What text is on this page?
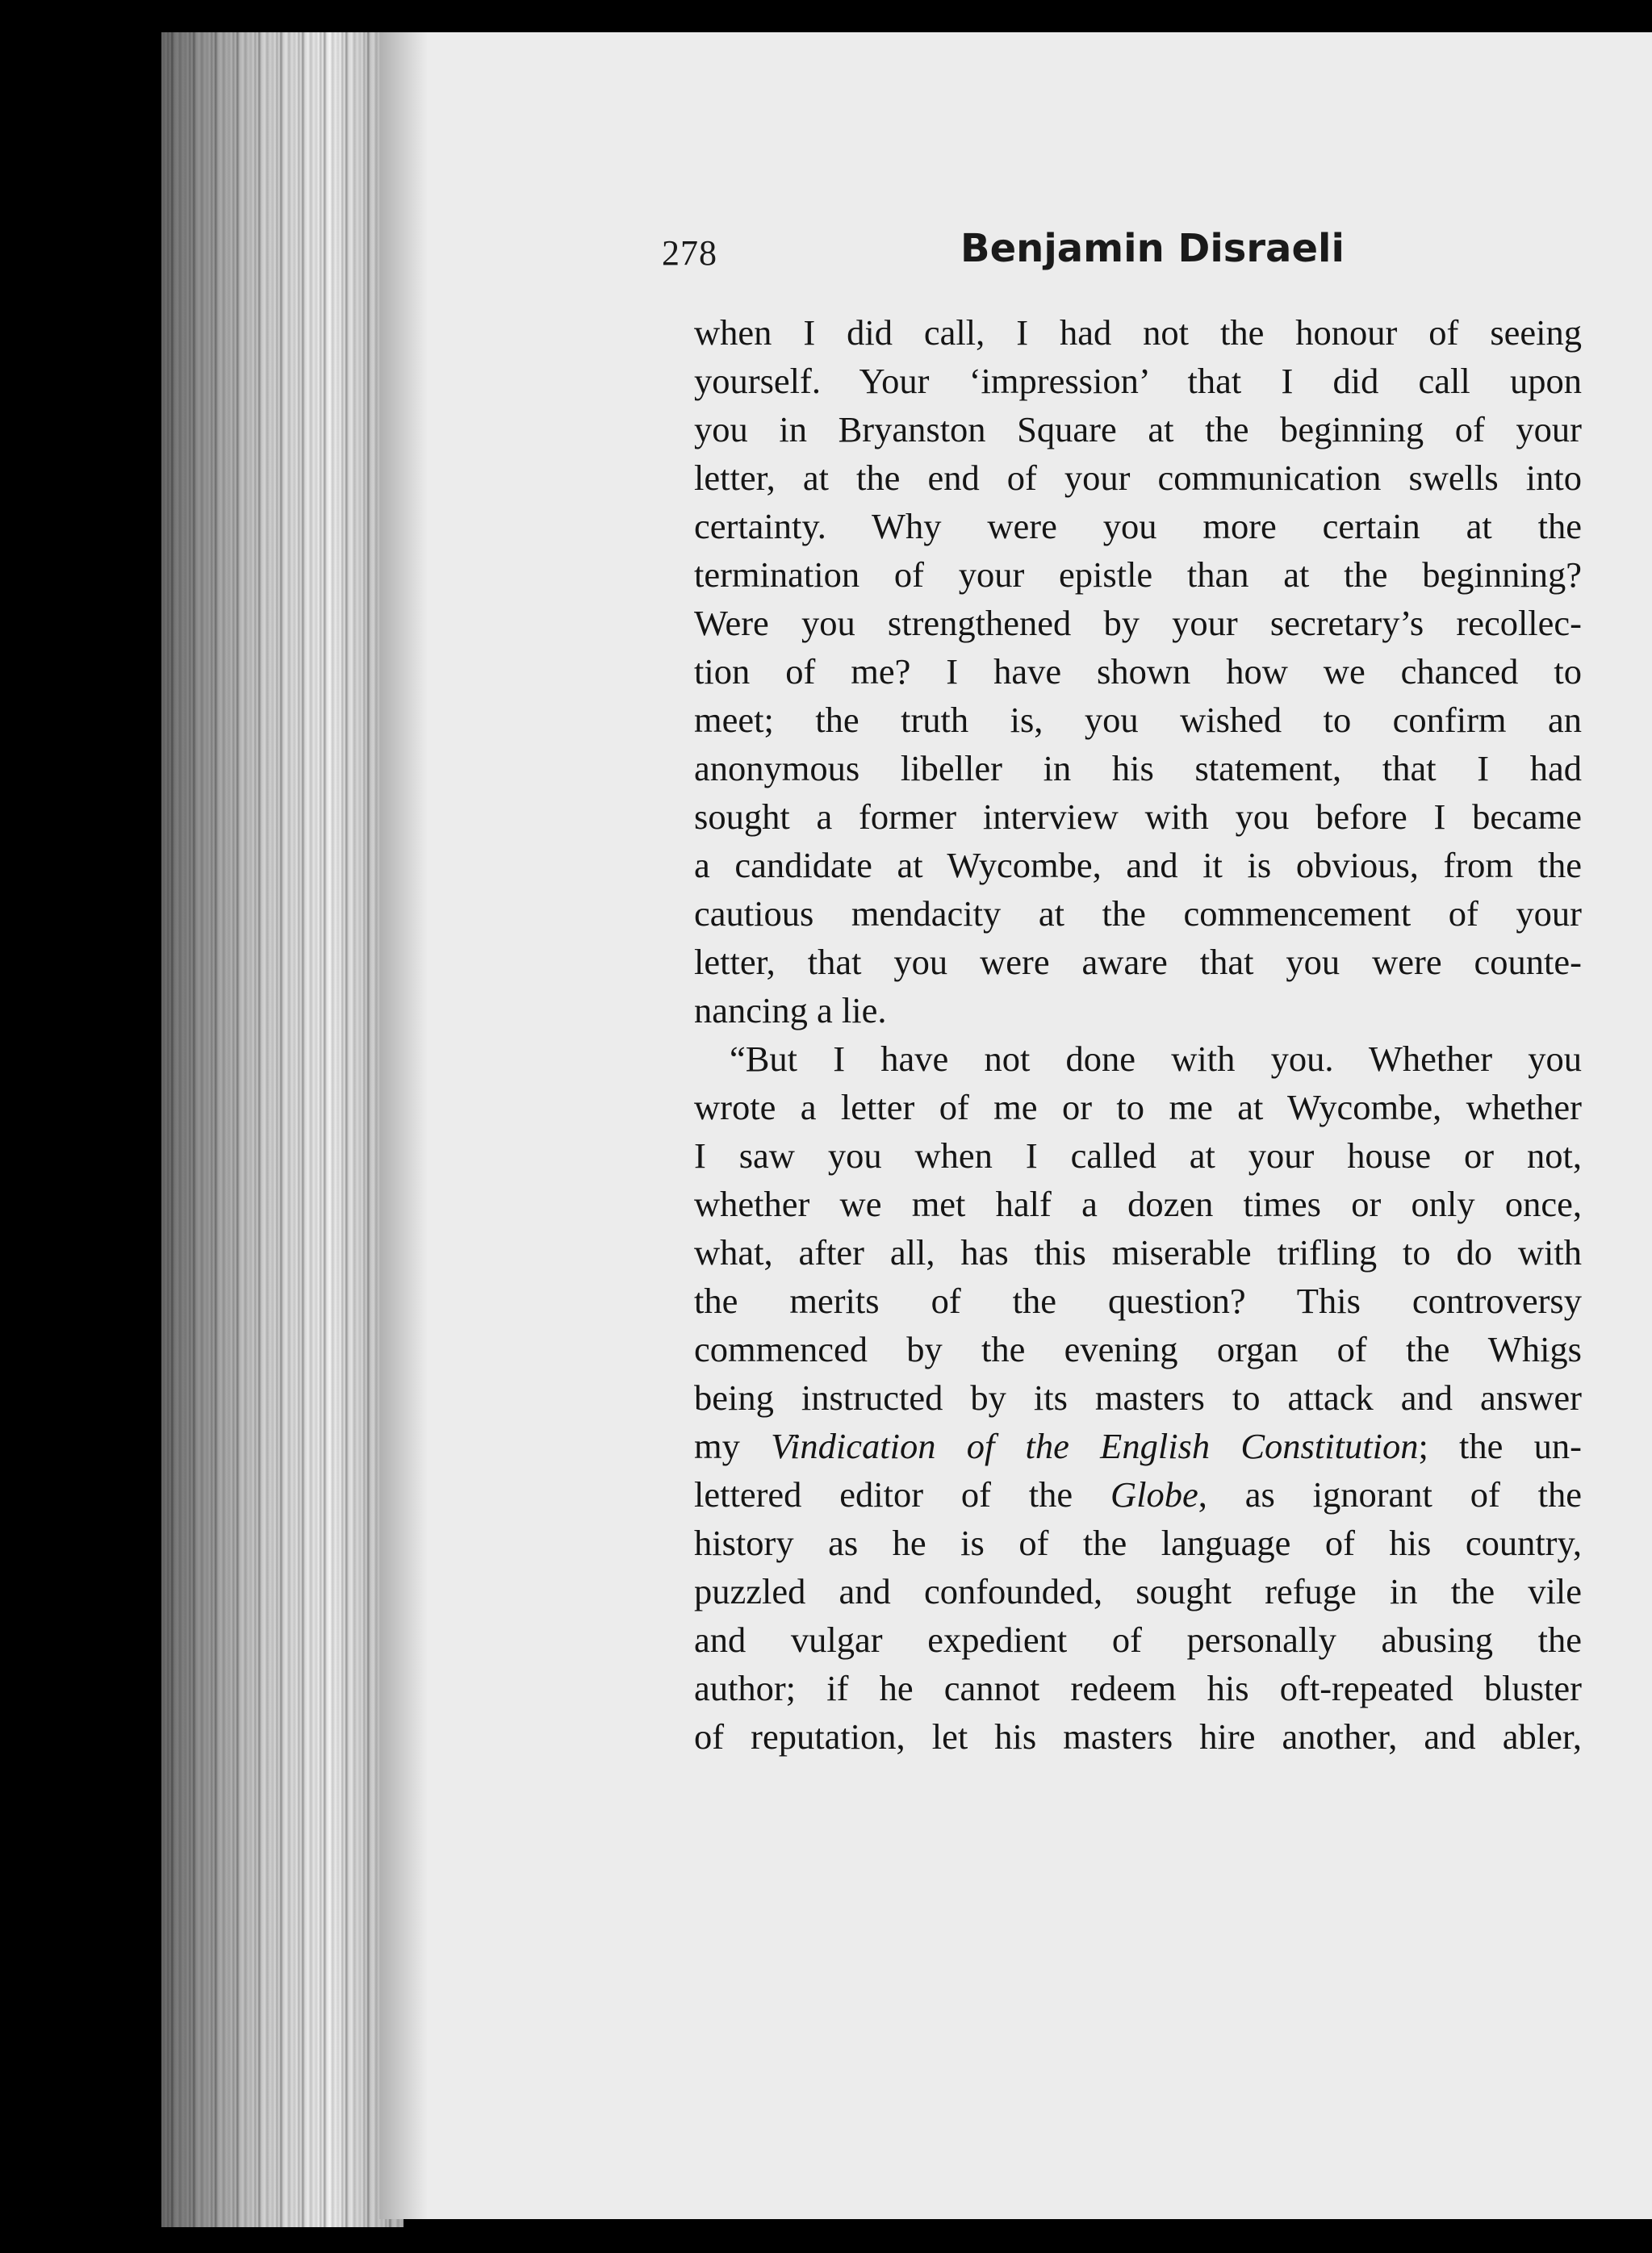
278	Benjamin Disraeli
when I did call, I had not the honour of seeing
yourself. Your ‘impression’ that I did call upon
you in Bryanston Square at the beginning of your
letter, at the end of your communication swells into
certainty. Why were you more certain at the
termination of your epistle than at the beginning?
Were you strengthened by your secretary’s recollec-
tion of me? I have shown how we chanced to
meet; the truth is, you wished to confirm an
anonymous libeller in his statement, that I had
sought a former interview with you before I became
a candidate at Wycombe, and it is obvious, from the
cautious mendacity at the commencement of your
letter, that you were aware that you were counte-
nancing a lie.
“But I have not done with you. Whether you
wrote a letter of me or to me at Wycombe, whether
I saw you when I called at your house or not,
whether we met half a dozen times or only once,
what, after all, has this miserable trifling to do with
the merits of the question? This controversy
commenced by the evening organ of the Whigs
being instructed by its masters to attack and answer
my Vindication of the English Constitution; the un-
lettered editor of the Globe, as ignorant of the
history as he is of the language of his country,
puzzled and confounded, sought refuge in the vile
and vulgar expedient of personally abusing the
author; if he cannot redeem his oft-repeated bluster
of reputation, let his masters hire another, and abler,
